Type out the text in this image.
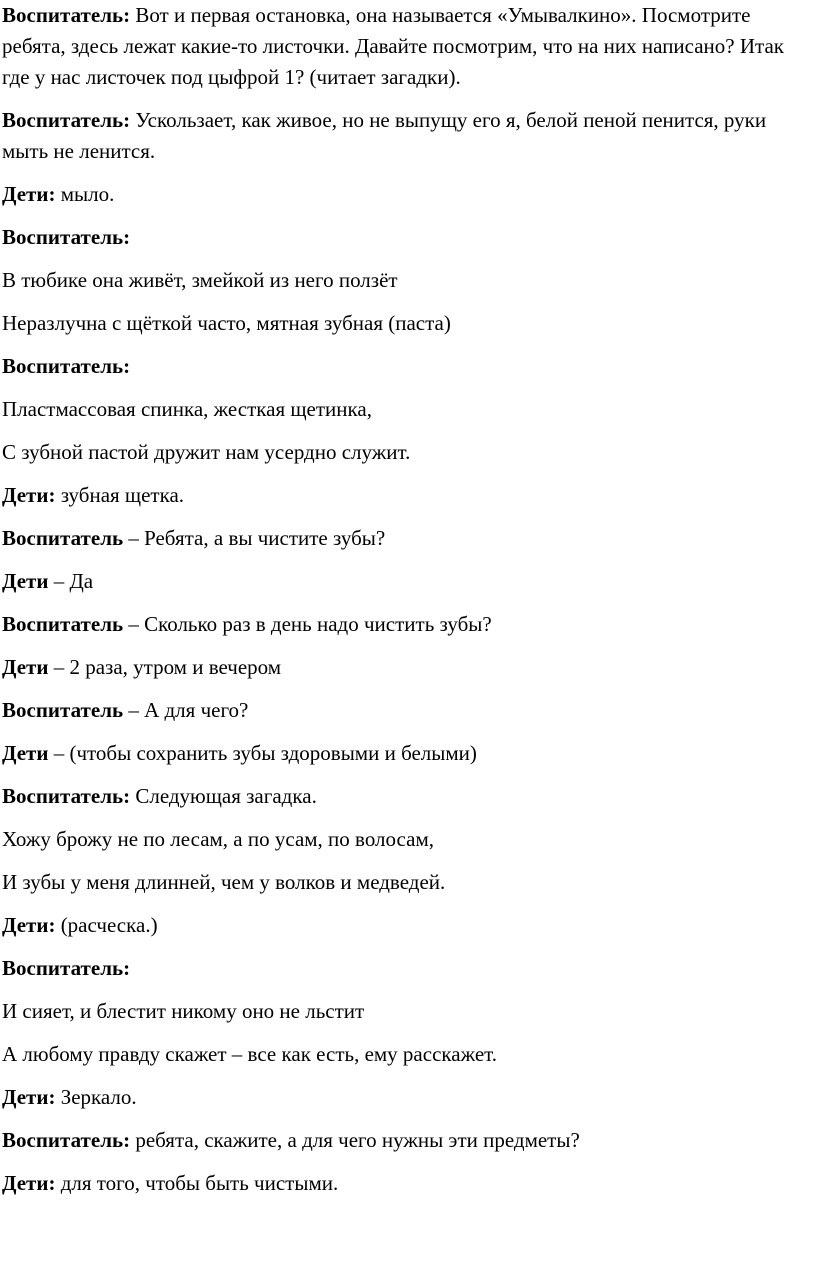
Воспитатель: Вот и первая остановка, она называется «Умывалкино». Посмотрите ребята, здесь лежат какие-то листочки. Давайте посмотрим, что на них написано? Итак где у нас листочек под цыфрой 1? (читает загадки).

Воспитатель: Ускользает, как живое, но не выпущу его я, белой пеной пенится, руки мыть не ленится.

Дети: мыло.

Воспитатель:

В тюбике она живёт, змейкой из него ползёт

Неразлучна с щёткой часто, мятная зубная (паста)

Воспитатель:

Пластмассовая спинка, жесткая щетинка,

С зубной пастой дружит нам усердно служит.

Дети: зубная щетка.

Воспитатель – Ребята, а вы чистите зубы?

Дети – Да

Воспитатель – Сколько раз в день надо чистить зубы?

Дети – 2 раза, утром и вечером

Воспитатель – А для чего?

Дети – (чтобы сохранить зубы здоровыми и белыми)

Воспитатель: Следующая загадка.

Хожу брожу не по лесам, а по усам, по волосам,

И зубы у меня длинней, чем у волков и медведей.

Дети: (расческа.)

Воспитатель:

И сияет, и блестит никому оно не льстит

А любому правду скажет – все как есть, ему расскажет.

Дети: Зеркало.

Воспитатель: ребята, скажите, а для чего нужны эти предметы?

Дети: для того, чтобы быть чистыми.
